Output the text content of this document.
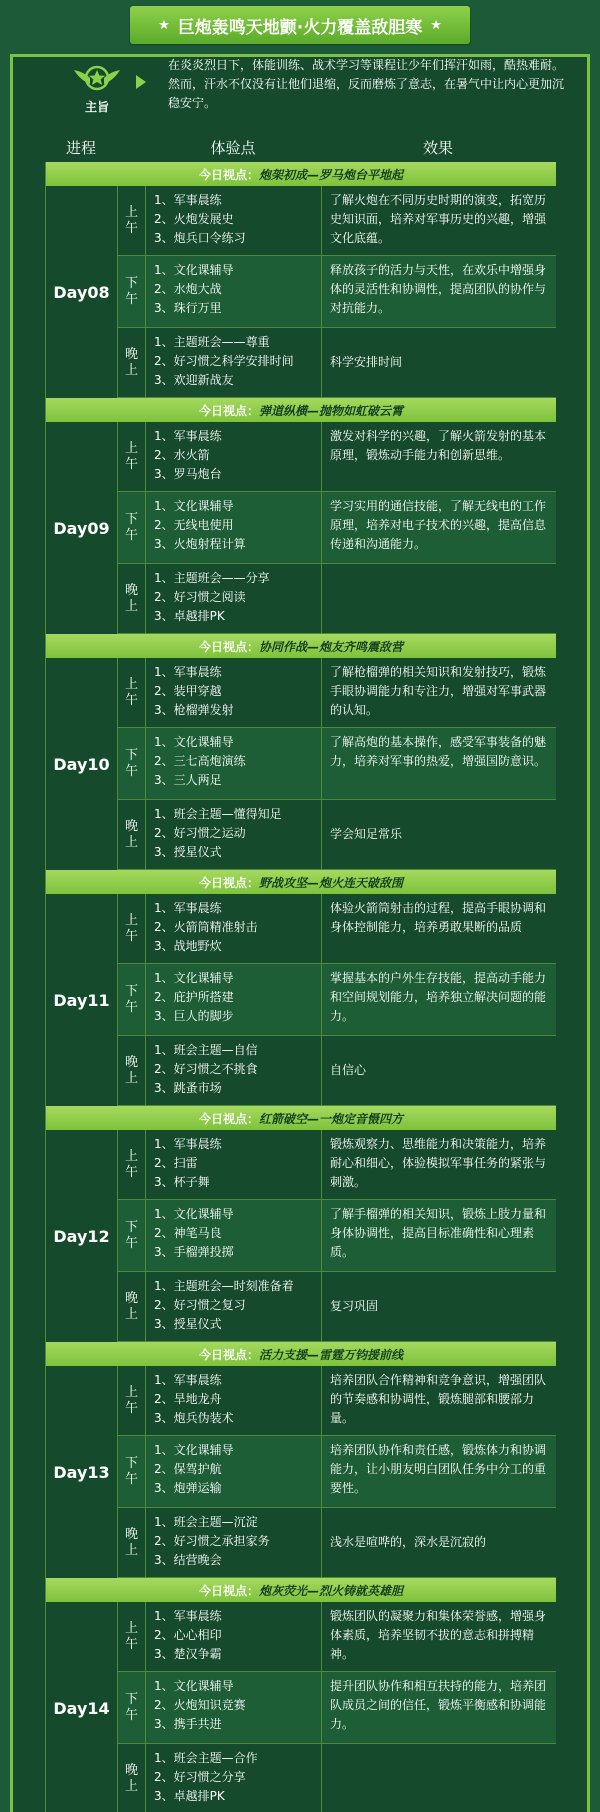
★ 巨炮轰鸣天地颤·火力覆盖敌胆寒 ★
主旨
在炎炎烈日下，体能训练、战术学习等课程让少年们挥汗如雨，酷热难耐。然而，汗水不仅没有让他们退缩，反而磨炼了意志，在暑气中让内心更加沉稳安宁。
进程	体验点	效果
今日视点： 炮架初成—罗马炮台平地起
Day08
上午
1、军事晨练
2、火炮发展史
3、炮兵口令练习
了解火炮在不同历史时期的演变，拓宽历史知识面，培养对军事历史的兴趣，增强文化底蕴。
下午
1、文化课辅导
2、水炮大战
3、珠行万里
释放孩子的活力与天性，在欢乐中增强身体的灵活性和协调性，提高团队的协作与对抗能力。
晚上
1、主题班会——尊重
2、好习惯之科学安排时间
3、欢迎新战友
科学安排时间
今日视点： 弹道纵横—抛物如虹破云霄
Day09
上午
1、军事晨练
2、水火箭
3、罗马炮台
激发对科学的兴趣，了解火箭发射的基本原理，锻炼动手能力和创新思维。
下午
1、文化课辅导
2、无线电使用
3、火炮射程计算
学习实用的通信技能，了解无线电的工作原理，培养对电子技术的兴趣，提高信息传递和沟通能力。
晚上
1、主题班会——分享
2、好习惯之阅读
3、卓越排PK
今日视点： 协同作战—炮友齐鸣震敌营
Day10
上午
1、军事晨练
2、装甲穿越
3、枪榴弹发射
了解枪榴弹的相关知识和发射技巧，锻炼手眼协调能力和专注力，增强对军事武器的认知。
下午
1、文化课辅导
2、三七高炮演练
3、三人两足
了解高炮的基本操作，感受军事装备的魅力，培养对军事的热爱，增强国防意识。
晚上
1、班会主题—懂得知足
2、好习惯之运动
3、授星仪式
学会知足常乐
今日视点： 野战攻坚—炮火连天破敌围
Day11
上午
1、军事晨练
2、火箭筒精准射击
3、战地野炊
体验火箭筒射击的过程，提高手眼协调和身体控制能力，培养勇敢果断的品质
下午
1、文化课辅导
2、庇护所搭建
3、巨人的脚步
掌握基本的户外生存技能，提高动手能力和空间规划能力，培养独立解决问题的能力。
晚上
1、班会主题—自信
2、好习惯之不挑食
3、跳蚤市场
自信心
今日视点： 红箭破空—一炮定音慑四方
Day12
上午
1、军事晨练
2、扫雷
3、杯子舞
锻炼观察力、思维能力和决策能力，培养耐心和细心，体验模拟军事任务的紧张与刺激。
下午
1、文化课辅导
2、神笔马良
3、手榴弹投掷
了解手榴弹的相关知识，锻炼上肢力量和身体协调性，提高目标准确性和心理素质。
晚上
1、主题班会—时刻准备着
2、好习惯之复习
3、授星仪式
复习巩固
今日视点： 活力支援—雷霆万钧援前线
Day13
上午
1、军事晨练
2、旱地龙舟
3、炮兵伪装术
培养团队合作精神和竞争意识，增强团队的节奏感和协调性，锻炼腿部和腰部力量。
下午
1、文化课辅导
2、保驾护航
3、炮弹运输
培养团队协作和责任感，锻炼体力和协调能力，让小朋友明白团队任务中分工的重要性。
晚上
1、班会主题—沉淀
2、好习惯之承担家务
3、结营晚会
浅水是喧哗的，深水是沉寂的
今日视点： 炮灰荧光—烈火铸就英雄胆
Day14
上午
1、军事晨练
2、心心相印
3、楚汉争霸
锻炼团队的凝聚力和集体荣誉感，增强身体素质，培养坚韧不拔的意志和拼搏精神。
下午
1、文化课辅导
2、火炮知识竞赛
3、携手共进
提升团队协作和相互扶持的能力，培养团队成员之间的信任，锻炼平衡感和协调能力。
晚上
1、班会主题—合作
2、好习惯之分享
3、卓越排PK
